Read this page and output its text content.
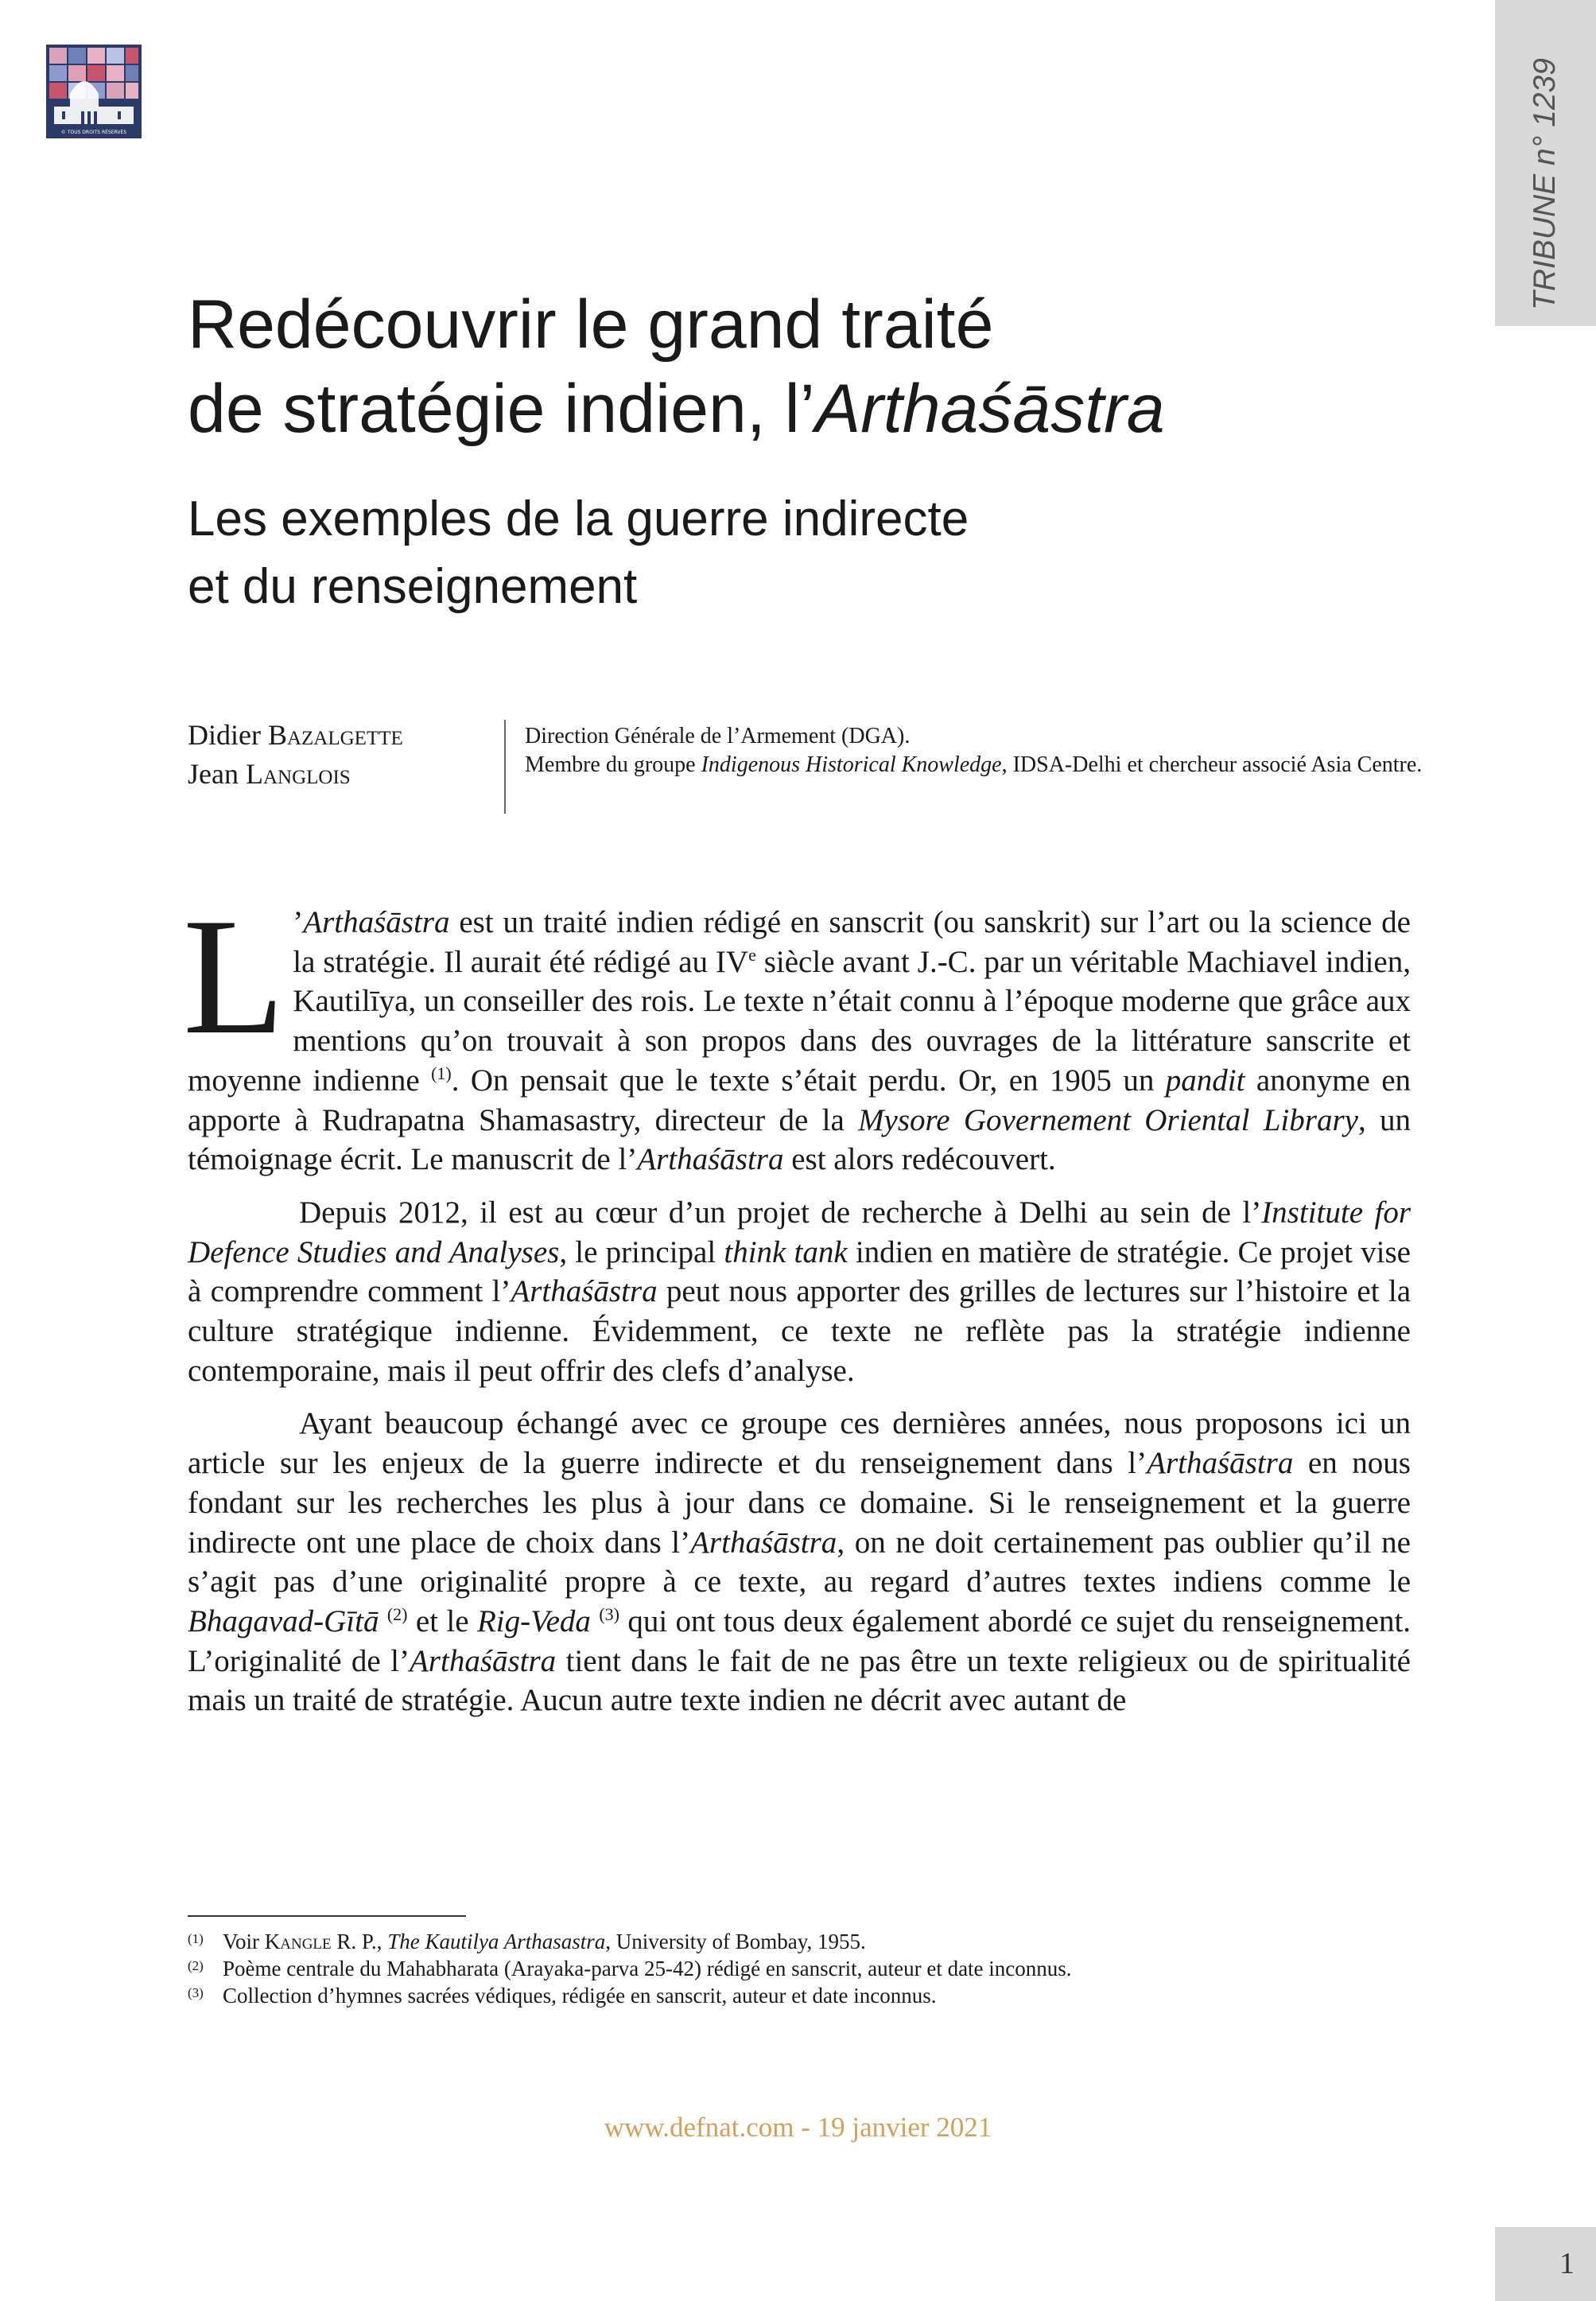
© TOUS DROITS RÉSERVÉS	TRIBUNE n° 1239
1
Redécouvrir le grand traité
de stratégie indien, l’Arthaśāstra
Les exemples de la guerre indirecte
et du renseignement
Didier Bazalgette
Jean Langlois
Direction Générale de l’Armement (DGA).
Membre du groupe Indigenous Historical Knowledge, IDSA-Delhi et chercheur associé Asia Centre.

L ’Arthaśāstra est un traité indien rédigé en sanscrit (ou sanskrit) sur l’art ou la science de la stratégie. Il aurait été rédigé au IVe siècle avant J.-C. par un véritable Machiavel indien, Kautilīya, un conseiller des rois. Le texte n’était connu à l’époque moderne que grâce aux mentions qu’on trouvait à son propos dans des ouvrages de la littérature sanscrite et moyenne indienne $^{(1)}$. On pensait que le texte s’était perdu. Or, en 1905 un pandit anonyme en apporte à Rudrapatna Shamasastry, directeur de la Mysore Governement Oriental Library, un témoignage écrit. Le manuscrit de l’Arthaśāstra est alors redécouvert.

Depuis 2012, il est au cœur d’un projet de recherche à Delhi au sein de l’Institute for Defence Studies and Analyses, le principal think tank indien en matière de stratégie. Ce projet vise à comprendre comment l’Arthaśāstra peut nous apporter des grilles de lectures sur l’histoire et la culture stratégique indienne. Évidemment, ce texte ne reflète pas la stratégie indienne contemporaine, mais il peut offrir des clefs d’analyse.

Ayant beaucoup échangé avec ce groupe ces dernières années, nous proposons ici un article sur les enjeux de la guerre indirecte et du renseignement dans l’Arthaśāstra en nous fondant sur les recherches les plus à jour dans ce domaine. Si le renseignement et la guerre indirecte ont une place de choix dans l’Arthaśāstra, on ne doit certainement pas oublier qu’il ne s’agit pas d’une originalité propre à ce texte, au regard d’autres textes indiens comme le Bhagavad-Gītā $^{(2)}$ et le Rig-Veda $^{(3)}$ qui ont tous deux également abordé ce sujet du renseignement. L’originalité de l’Arthaśāstra tient dans le fait de ne pas être un texte religieux ou de spiritualité mais un traité de stratégie. Aucun autre texte indien ne décrit avec autant de

(1) Voir Kangle R. P., The Kautilya Arthasastra, University of Bombay, 1955.
(2) Poème centrale du Mahabharata (Arayaka-parva 25-42) rédigé en sanscrit, auteur et date inconnus.
(3) Collection d’hymnes sacrées védiques, rédigée en sanscrit, auteur et date inconnus.
www.defnat.com - 19 janvier 2021
